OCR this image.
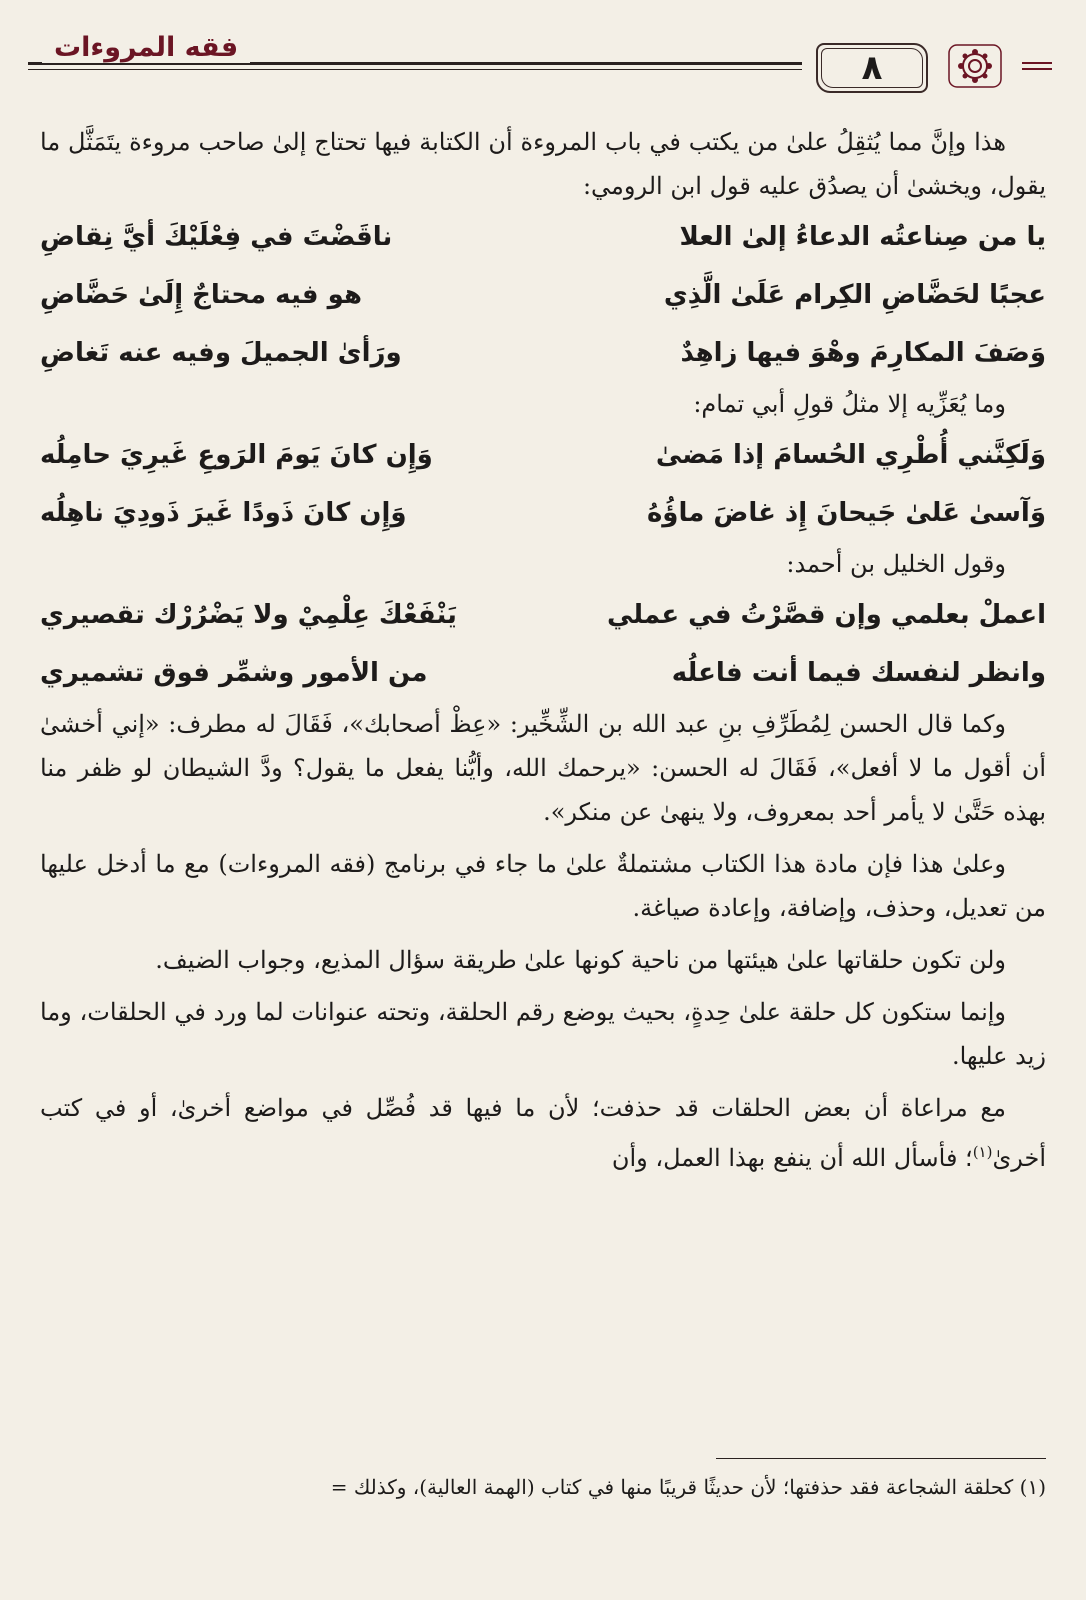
فقه المروءات
٨

هذا وإنَّ مما يُثقِلُ علىٰ من يكتب في باب المروءة أن الكتابة فيها تحتاج إلىٰ صاحب مروءة يتَمَثَّل ما يقول، ويخشىٰ أن يصدُق عليه قول ابن الرومي:

يا من صِناعتُه الدعاءُ إلىٰ العلا
ناقَضْتَ في فِعْلَيْكَ أيَّ نِقاضِ
عجبًا لحَضَّاضِ الكِرام عَلَىٰ الَّذِي
هو فيه محتاجٌ إِلَىٰ حَضَّاضِ
وَصَفَ المكارِمَ وهْوَ فيها زاهِدٌ
ورَأىٰ الجميلَ وفيه عنه تَغاضِ

وما يُعَزِّيه إلا مثلُ قولِ أبي تمام:

وَلَكِنَّني أُطْرِي الحُسامَ إذا مَضىٰ
وَإِن كانَ يَومَ الرَوعِ غَيرِيَ حامِلُه
وَآسىٰ عَلىٰ جَيحانَ إِذ غاضَ ماؤُهُ
وَإِن كانَ ذَودًا غَيرَ ذَودِيَ ناهِلُه

وقول الخليل بن أحمد:

اعملْ بعلمي وإن قصَّرْتُ في عملي
يَنْفَعْكَ عِلْمِيْ ولا يَضْرُرْك تقصيري
وانظر لنفسك فيما أنت فاعلُه
من الأمور وشمِّر فوق تشميري

وكما قال الحسن لِمُطَرِّفِ بنِ عبد الله بن الشِّخِّير: «عِظْ أصحابك»، فَقَالَ له مطرف: «إني أخشىٰ أن أقول ما لا أفعل»، فَقَالَ له الحسن: «يرحمك الله، وأيُّنا يفعل ما يقول؟ ودَّ الشيطان لو ظفر منا بهذه حَتَّىٰ لا يأمر أحد بمعروف، ولا ينهىٰ عن منكر».

وعلىٰ هذا فإن مادة هذا الكتاب مشتملةٌ علىٰ ما جاء في برنامج (فقه المروءات) مع ما أدخل عليها من تعديل، وحذف، وإضافة، وإعادة صياغة.

ولن تكون حلقاتها علىٰ هيئتها من ناحية كونها علىٰ طريقة سؤال المذيع، وجواب الضيف.

وإنما ستكون كل حلقة علىٰ حِدةٍ، بحيث يوضع رقم الحلقة، وتحته عنوانات لما ورد في الحلقات، وما زيد عليها.

مع مراعاة أن بعض الحلقات قد حذفت؛ لأن ما فيها قد فُصِّل في مواضع أخرىٰ، أو في كتب أخرىٰ$^{(١)}$؛ فأسأل الله أن ينفع بهذا العمل، وأن

(١) كحلقة الشجاعة فقد حذفتها؛ لأن حديثًا قريبًا منها في كتاب (الهمة العالية)، وكذلك =
